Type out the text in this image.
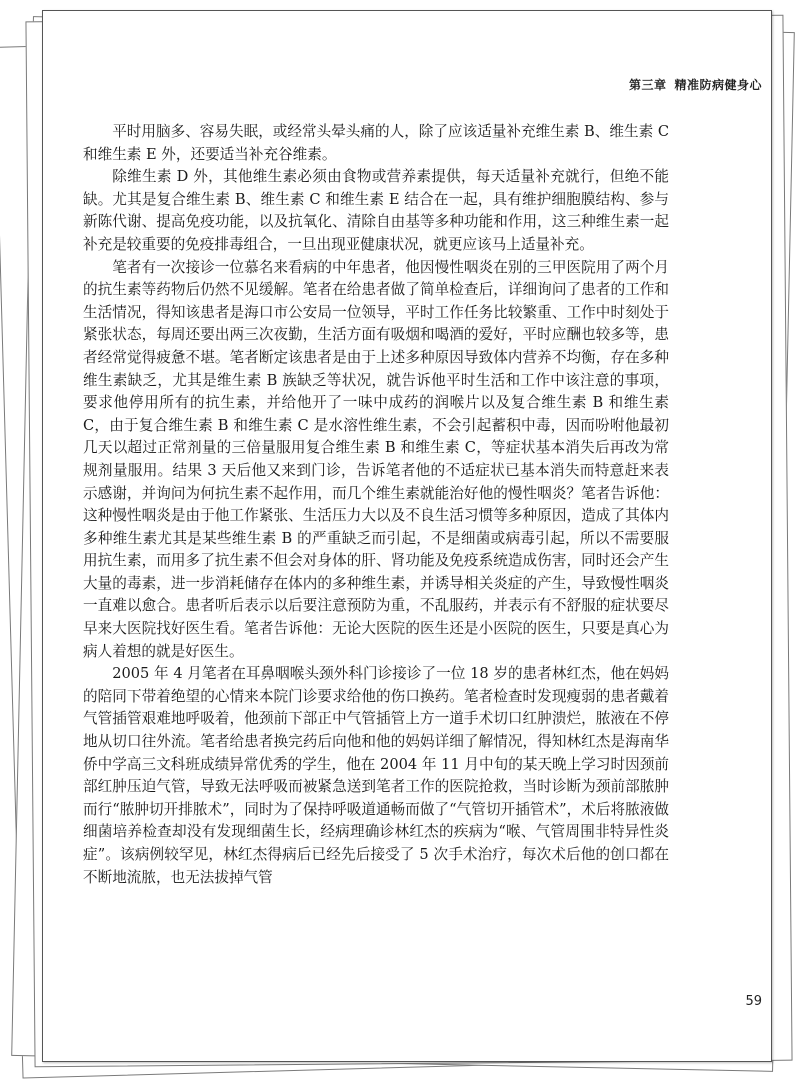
第三章 精准防病健身心

平时用脑多、容易失眠，或经常头晕头痛的人，除了应该适量补充维生素 B、维生素 C 和维生素 E 外，还要适当补充谷维素。

除维生素 D 外，其他维生素必须由食物或营养素提供，每天适量补充就行，但绝不能缺。尤其是复合维生素 B、维生素 C 和维生素 E 结合在一起，具有维护细胞膜结构、参与新陈代谢、提高免疫功能，以及抗氧化、清除自由基等多种功能和作用，这三种维生素一起补充是较重要的免疫排毒组合，一旦出现亚健康状况，就更应该马上适量补充。

笔者有一次接诊一位慕名来看病的中年患者，他因慢性咽炎在别的三甲医院用了两个月的抗生素等药物后仍然不见缓解。笔者在给患者做了简单检查后，详细询问了患者的工作和生活情况，得知该患者是海口市公安局一位领导，平时工作任务比较繁重、工作中时刻处于紧张状态，每周还要出两三次夜勤，生活方面有吸烟和喝酒的爱好，平时应酬也较多等，患者经常觉得疲惫不堪。笔者断定该患者是由于上述多种原因导致体内营养不均衡，存在多种维生素缺乏，尤其是维生素 B 族缺乏等状况，就告诉他平时生活和工作中该注意的事项，要求他停用所有的抗生素，并给他开了一味中成药的润喉片以及复合维生素 B 和维生素 C，由于复合维生素 B 和维生素 C 是水溶性维生素，不会引起蓄积中毒，因而吩咐他最初几天以超过正常剂量的三倍量服用复合维生素 B 和维生素 C，等症状基本消失后再改为常规剂量服用。结果 3 天后他又来到门诊，告诉笔者他的不适症状已基本消失而特意赶来表示感谢，并询问为何抗生素不起作用，而几个维生素就能治好他的慢性咽炎？笔者告诉他：这种慢性咽炎是由于他工作紧张、生活压力大以及不良生活习惯等多种原因，造成了其体内多种维生素尤其是某些维生素 B 的严重缺乏而引起，不是细菌或病毒引起，所以不需要服用抗生素，而用多了抗生素不但会对身体的肝、肾功能及免疫系统造成伤害，同时还会产生大量的毒素，进一步消耗储存在体内的多种维生素，并诱导相关炎症的产生，导致慢性咽炎一直难以愈合。患者听后表示以后要注意预防为重，不乱服药，并表示有不舒服的症状要尽早来大医院找好医生看。笔者告诉他：无论大医院的医生还是小医院的医生，只要是真心为病人着想的就是好医生。

2005 年 4 月笔者在耳鼻咽喉头颈外科门诊接诊了一位 18 岁的患者林红杰，他在妈妈的陪同下带着绝望的心情来本院门诊要求给他的伤口换药。笔者检查时发现瘦弱的患者戴着气管插管艰难地呼吸着，他颈前下部正中气管插管上方一道手术切口红肿溃烂，脓液在不停地从切口往外流。笔者给患者换完药后向他和他的妈妈详细了解情况，得知林红杰是海南华侨中学高三文科班成绩异常优秀的学生，他在 2004 年 11 月中旬的某天晚上学习时因颈前部红肿压迫气管，导致无法呼吸而被紧急送到笔者工作的医院抢救，当时诊断为颈前部脓肿而行“脓肿切开排脓术”，同时为了保持呼吸道通畅而做了“气管切开插管术”，术后将脓液做细菌培养检查却没有发现细菌生长，经病理确诊林红杰的疾病为“喉、气管周围非特异性炎症”。该病例较罕见，林红杰得病后已经先后接受了 5 次手术治疗，每次术后他的创口都在不断地流脓，也无法拔掉气管

59
